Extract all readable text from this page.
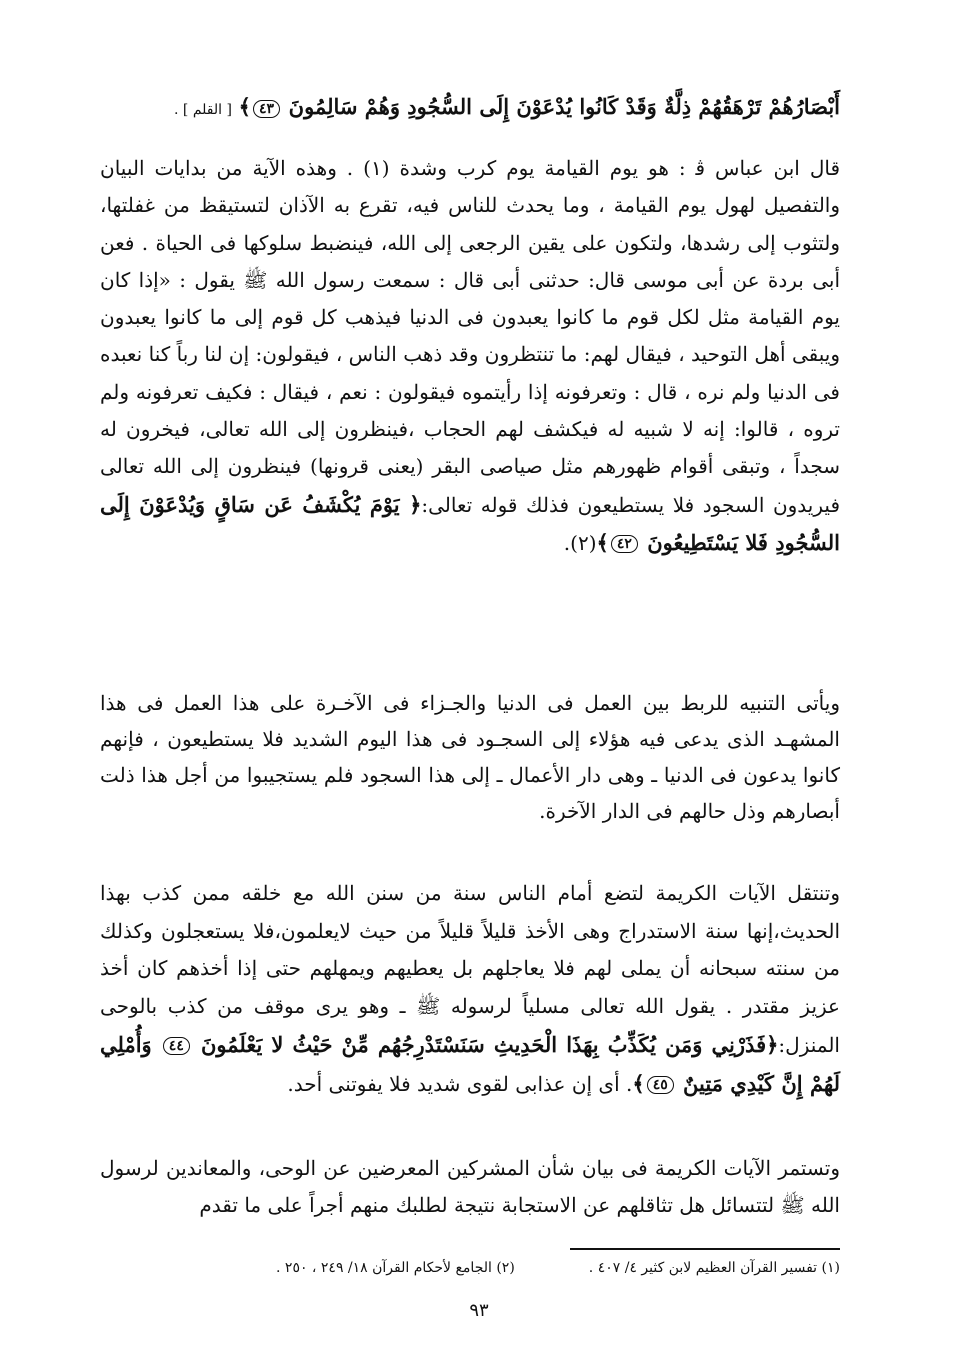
أَبْصَارُهُمْ تَرْهَقُهُمْ ذِلَّةٌ وَقَدْ كَانُوا يُدْعَوْنَ إِلَى السُّجُودِ وَهُمْ سَالِمُونَ ٤٣﴾ [ القلم ] .

قال ابن عباس ﭬ : هو يوم القيامة يوم كرب وشدة (١) . وهذه الآية من بدايات البيان والتفصيل لهول يوم القيامة ، وما يحدث للناس فيه، تقرع به الآذان لتستيقظ من غفلتها، ولتثوب إلى رشدها، ولتكون على يقين الرجعى إلى الله، فينضبط سلوكها فى الحياة . فعن أبى بردة عن أبى موسى قال: حدثنى أبى قال : سمعت رسول الله ﷺ يقول : «إذا كان يوم القيامة مثل لكل قوم ما كانوا يعبدون فى الدنيا فيذهب كل قوم إلى ما كانوا يعبدون ويبقى أهل التوحيد ، فيقال لهم: ما تنتظرون وقد ذهب الناس ، فيقولون: إن لنا رباً كنا نعبده فى الدنيا ولم نره ، قال : وتعرفونه إذا رأيتموه فيقولون : نعم ، فيقال : فكيف تعرفونه ولم تروه ، قالوا: إنه لا شبيه له فيكشف لهم الحجاب ،فينظرون إلى الله تعالى، فيخرون له سجداً ، وتبقى أقوام ظهورهم مثل صياصى البقر (يعنى قرونها) فينظرون إلى الله تعالى فيريدون السجود فلا يستطيعون فذلك قوله تعالى:﴿ يَوْمَ يُكْشَفُ عَن سَاقٍ وَيُدْعَوْنَ إِلَى السُّجُودِ فَلا يَسْتَطِيعُونَ ٤٢﴾(٢).

ويأتى التنبيه للربط بين العمل فى الدنيا والجـزاء فى الآخـرة على هذا العمل فى هذا المشهـد الذى يدعى فيه هؤلاء إلى السجـود فى هذا اليوم الشديد فلا يستطيعون ، فإنهم كانوا يدعون فى الدنيا ـ وهى دار الأعمال ـ إلى هذا السجود فلم يستجيبوا من أجل هذا ذلت أبصارهم وذل حالهم فى الدار الآخرة.

وتنتقل الآيات الكريمة لتضع أمام الناس سنة من سنن الله مع خلقه ممن كذب بهذا الحديث،إنها سنة الاستدراج وهى الأخذ قليلاً قليلاً من حيث لايعلمون،فلا يستعجلون وكذلك من سنته سبحانه أن يملى لهم فلا يعاجلهم بل يعطيهم ويمهلهم حتى إذا أخذهم كان أخذ عزيز مقتدر . يقول الله تعالى مسلياً لرسوله ﷺ ـ وهو يرى موقف من كذب بالوحى المنزل:﴿فَذَرْنِي وَمَن يُكَذِّبُ بِهَذَا الْحَدِيثِ سَنَسْتَدْرِجُهُم مِّنْ حَيْثُ لا يَعْلَمُونَ ٤٤ وَأُمْلِي لَهُمْ إِنَّ كَيْدِي مَتِينٌ ٤٥﴾. أى إن عذابى لقوى شديد فلا يفوتنى أحد.

وتستمر الآيات الكريمة فى بيان شأن المشركين المعرضين عن الوحى، والمعاندين لرسول الله ﷺ لتتسائل هل تثاقلهم عن الاستجابة نتيجة لطلبك منهم أجراً على ما تقدم

(١) تفسير القرآن العظيم لابن كثير ٤/ ٤٠٧ .
(٢) الجامع لأحكام القرآن ١٨/ ٢٤٩ ، ٢٥٠ .
٩٣
